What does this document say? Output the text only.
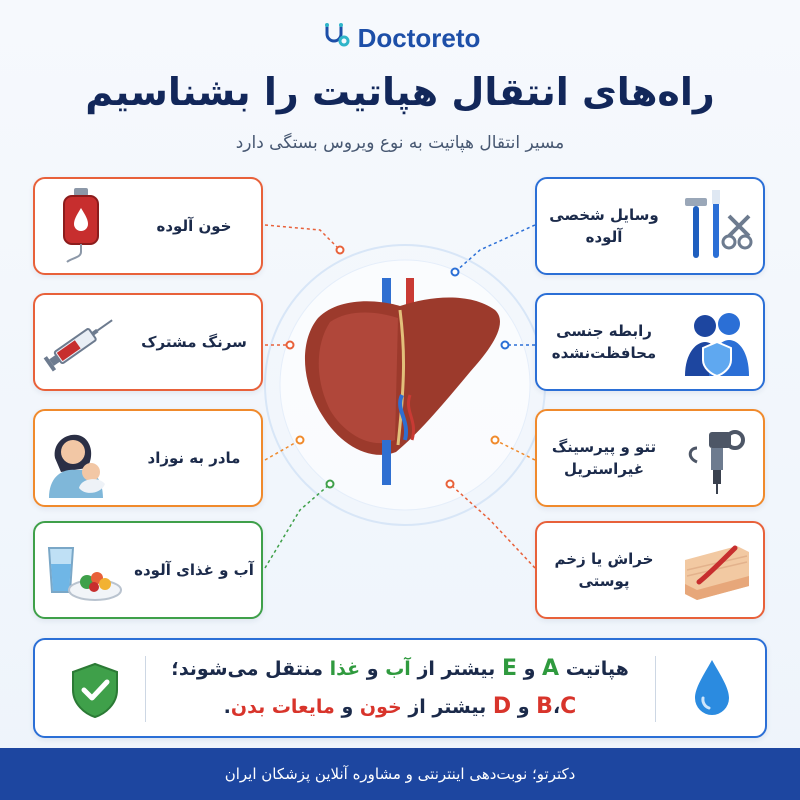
Doctoreto
راه‌های انتقال هپاتیت را بشناسیم
مسیر انتقال هپاتیت به نوع ویروس بستگی دارد
خون آلوده
سرنگ مشترک
مادر به نوزاد
آب و غذای آلوده
وسایل شخصی آلوده
رابطه جنسی
محافظت‌نشده
تتو و پیرسینگ
غیراستریل
خراش یا زخم پوستی
هپاتیت A و E بیشتر از آب و غذا منتقل می‌شوند؛
B،C و D بیشتر از خون و مایعات بدن.
دکترتو؛ نوبت‌دهی اینترنتی و مشاوره آنلاین پزشکان ایران
